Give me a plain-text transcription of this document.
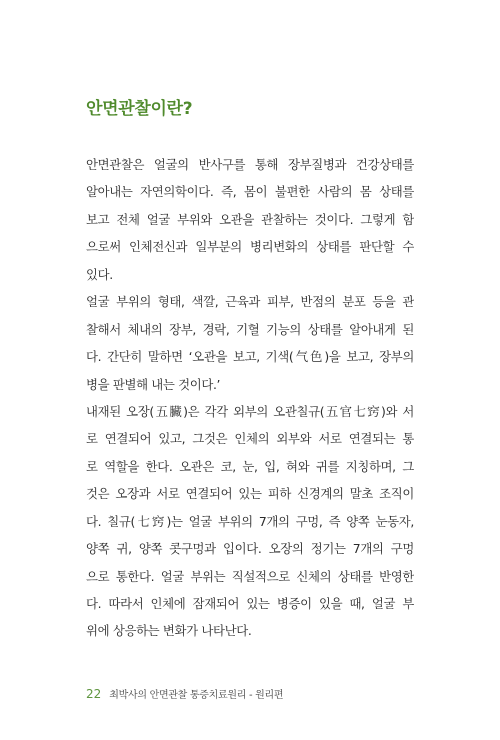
안면관찰이란?
안면관찰은 얼굴의 반사구를 통해 장부질병과 건강상태를
알아내는 자연의학이다. 즉, 몸이 불편한 사람의 몸 상태를
보고 전체 얼굴 부위와 오관을 관찰하는 것이다. 그렇게 함
으로써 인체전신과 일부분의 병리변화의 상태를 판단할 수
있다.
얼굴 부위의 형태, 색깔, 근육과 피부, 반점의 분포 등을 관
찰해서 체내의 장부, 경락, 기혈 기능의 상태를 알아내게 된
다. 간단히 말하면 ‘오관을 보고, 기색(气色)을 보고, 장부의
병을 판별해 내는 것이다.’
내재된 오장(五臟)은 각각 외부의 오관칠규(五官七窍)와 서
로 연결되어 있고, 그것은 인체의 외부와 서로 연결되는 통
로 역할을 한다. 오관은 코, 눈, 입, 혀와 귀를 지칭하며, 그
것은 오장과 서로 연결되어 있는 피하 신경계의 말초 조직이
다. 칠규(七窍)는 얼굴 부위의 7개의 구멍, 즉 양쪽 눈동자,
양쪽 귀, 양쪽 콧구멍과 입이다. 오장의 정기는 7개의 구멍
으로 통한다. 얼굴 부위는 직설적으로 신체의 상태를 반영한
다. 따라서 인체에 잠재되어 있는 병증이 있을 때, 얼굴 부
위에 상응하는 변화가 나타난다.
22 최박사의 안면관찰 통증치료원리 - 원리편
